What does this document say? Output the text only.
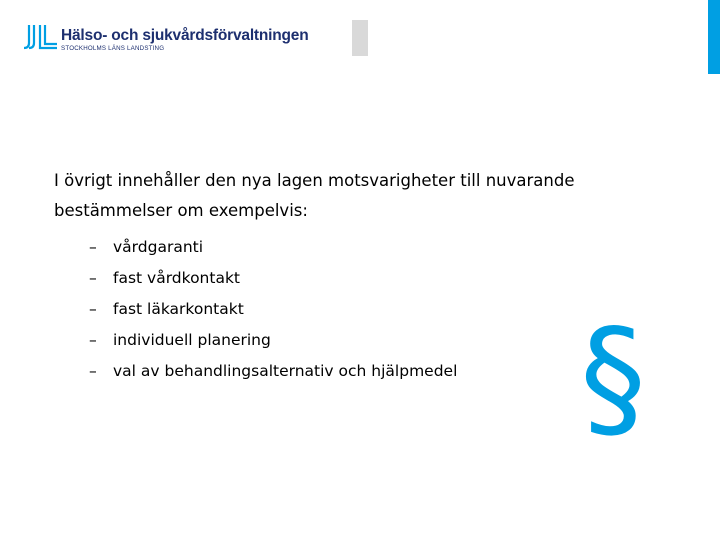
Hälso- och sjukvårdsförvaltningen
STOCKHOLMS LÄNS LANDSTING
I övrigt innehåller den nya lagen motsvarigheter till nuvarande bestämmelser om exempelvis:
– vårdgaranti
– fast vårdkontakt
– fast läkarkontakt
– individuell planering
– val av behandlingsalternativ och hjälpmedel §
